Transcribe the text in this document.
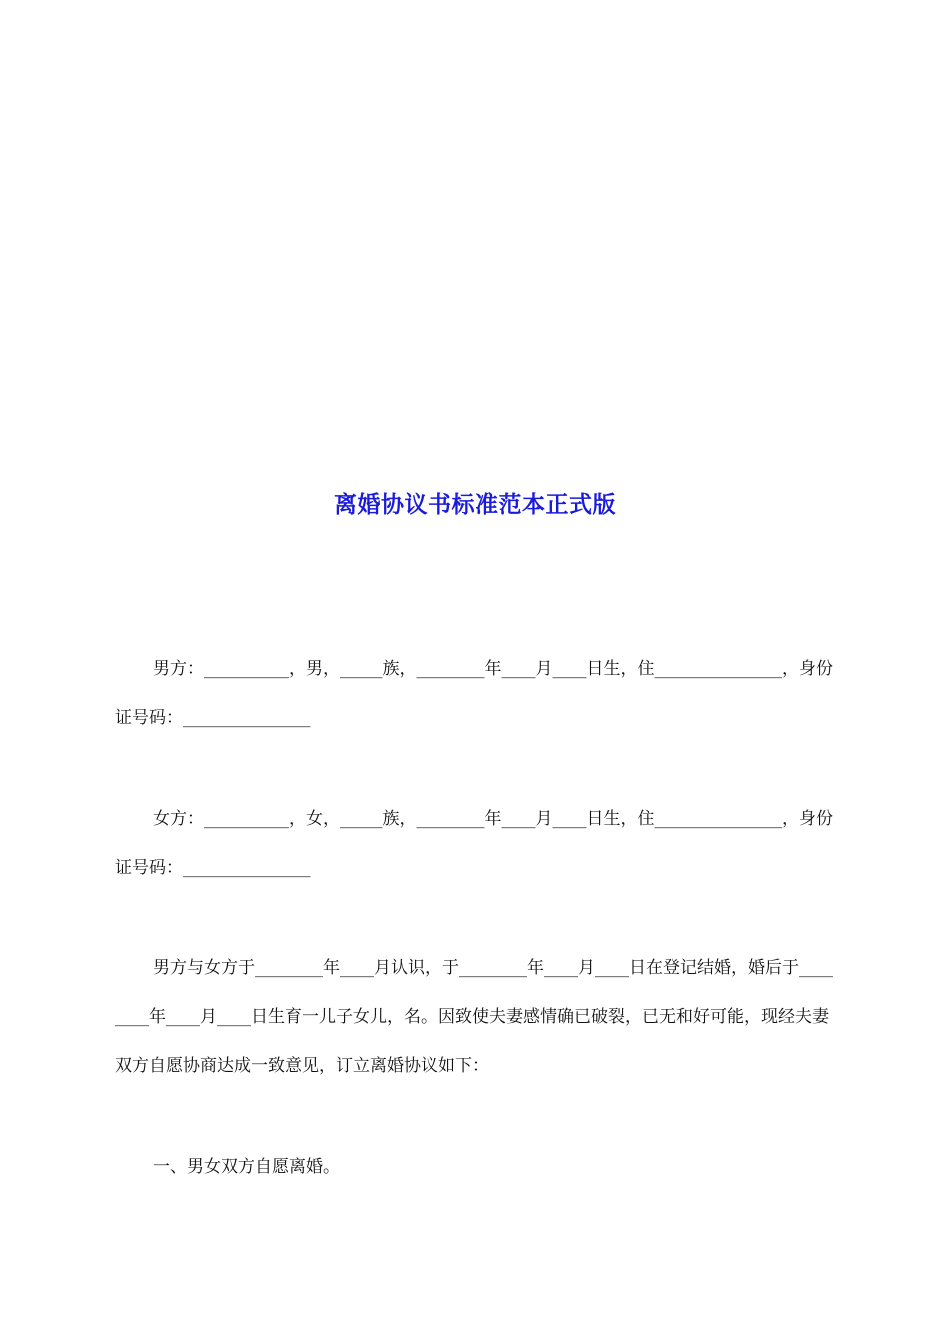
离婚协议书标准范本正式版

男方：__________，男，_____族，________年____月____日生，住_______________，身份证号码：_______________

女方：__________，女，_____族，________年____月____日生，住_______________，身份证号码：_______________

男方与女方于________年____月认识，于________年____月____日在登记结婚，婚后于________年____月____日生育一儿子女儿，名。因致使夫妻感情确已破裂，已无和好可能，现经夫妻双方自愿协商达成一致意见，订立离婚协议如下：

一、男女双方自愿离婚。
